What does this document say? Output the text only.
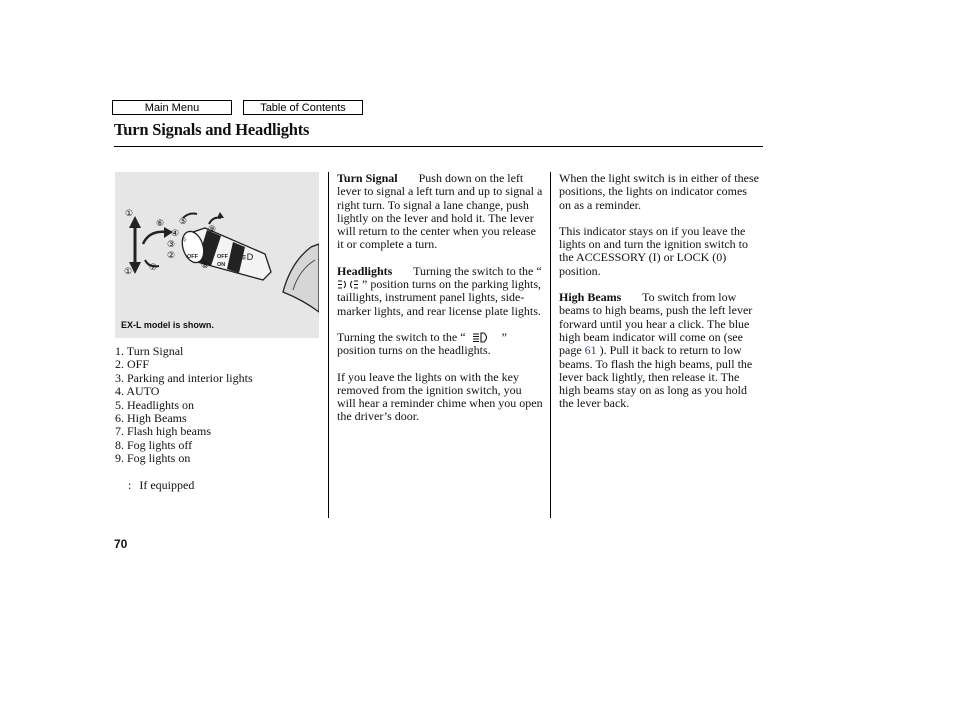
Main Menu	Table of Contents
Turn Signals and Headlights
OFF	OFF
ON
≡D
☼
①
①
②
③
④
⑤
⑥
⑦	⑧
⑨
EX-L model is shown.
1. Turn Signal
2. OFF
3. Parking and interior lights
4. AUTO
5. Headlights on
6. High Beams
7. Flash high beams
8. Fog lights off
9. Fog lights on
: If equipped

Turn Signal Push down on the left lever to signal a left turn and up to signal a right turn. To signal a lane change, push lightly on the lever and hold it. The lever will return to the center when you release it or complete a turn.

Headlights Turning the switch to the “  ” position turns on the parking lights, taillights, instrument panel lights, side-marker lights, and rear license plate lights.

Turning the switch to the “	” position turns on the headlights.

If you leave the lights on with the key removed from the ignition switch, you will hear a reminder chime when you open the driver’s door.

When the light switch is in either of these positions, the lights on indicator comes on as a reminder.

This indicator stays on if you leave the lights on and turn the ignition switch to the ACCESSORY (I) or LOCK (0) position.

High Beams To switch from low beams to high beams, push the left lever forward until you hear a click. The blue high beam indicator will come on (see page 61 ). Pull it back to return to low beams. To flash the high beams, pull the lever back lightly, then release it. The high beams stay on as long as you hold the lever back.

70
